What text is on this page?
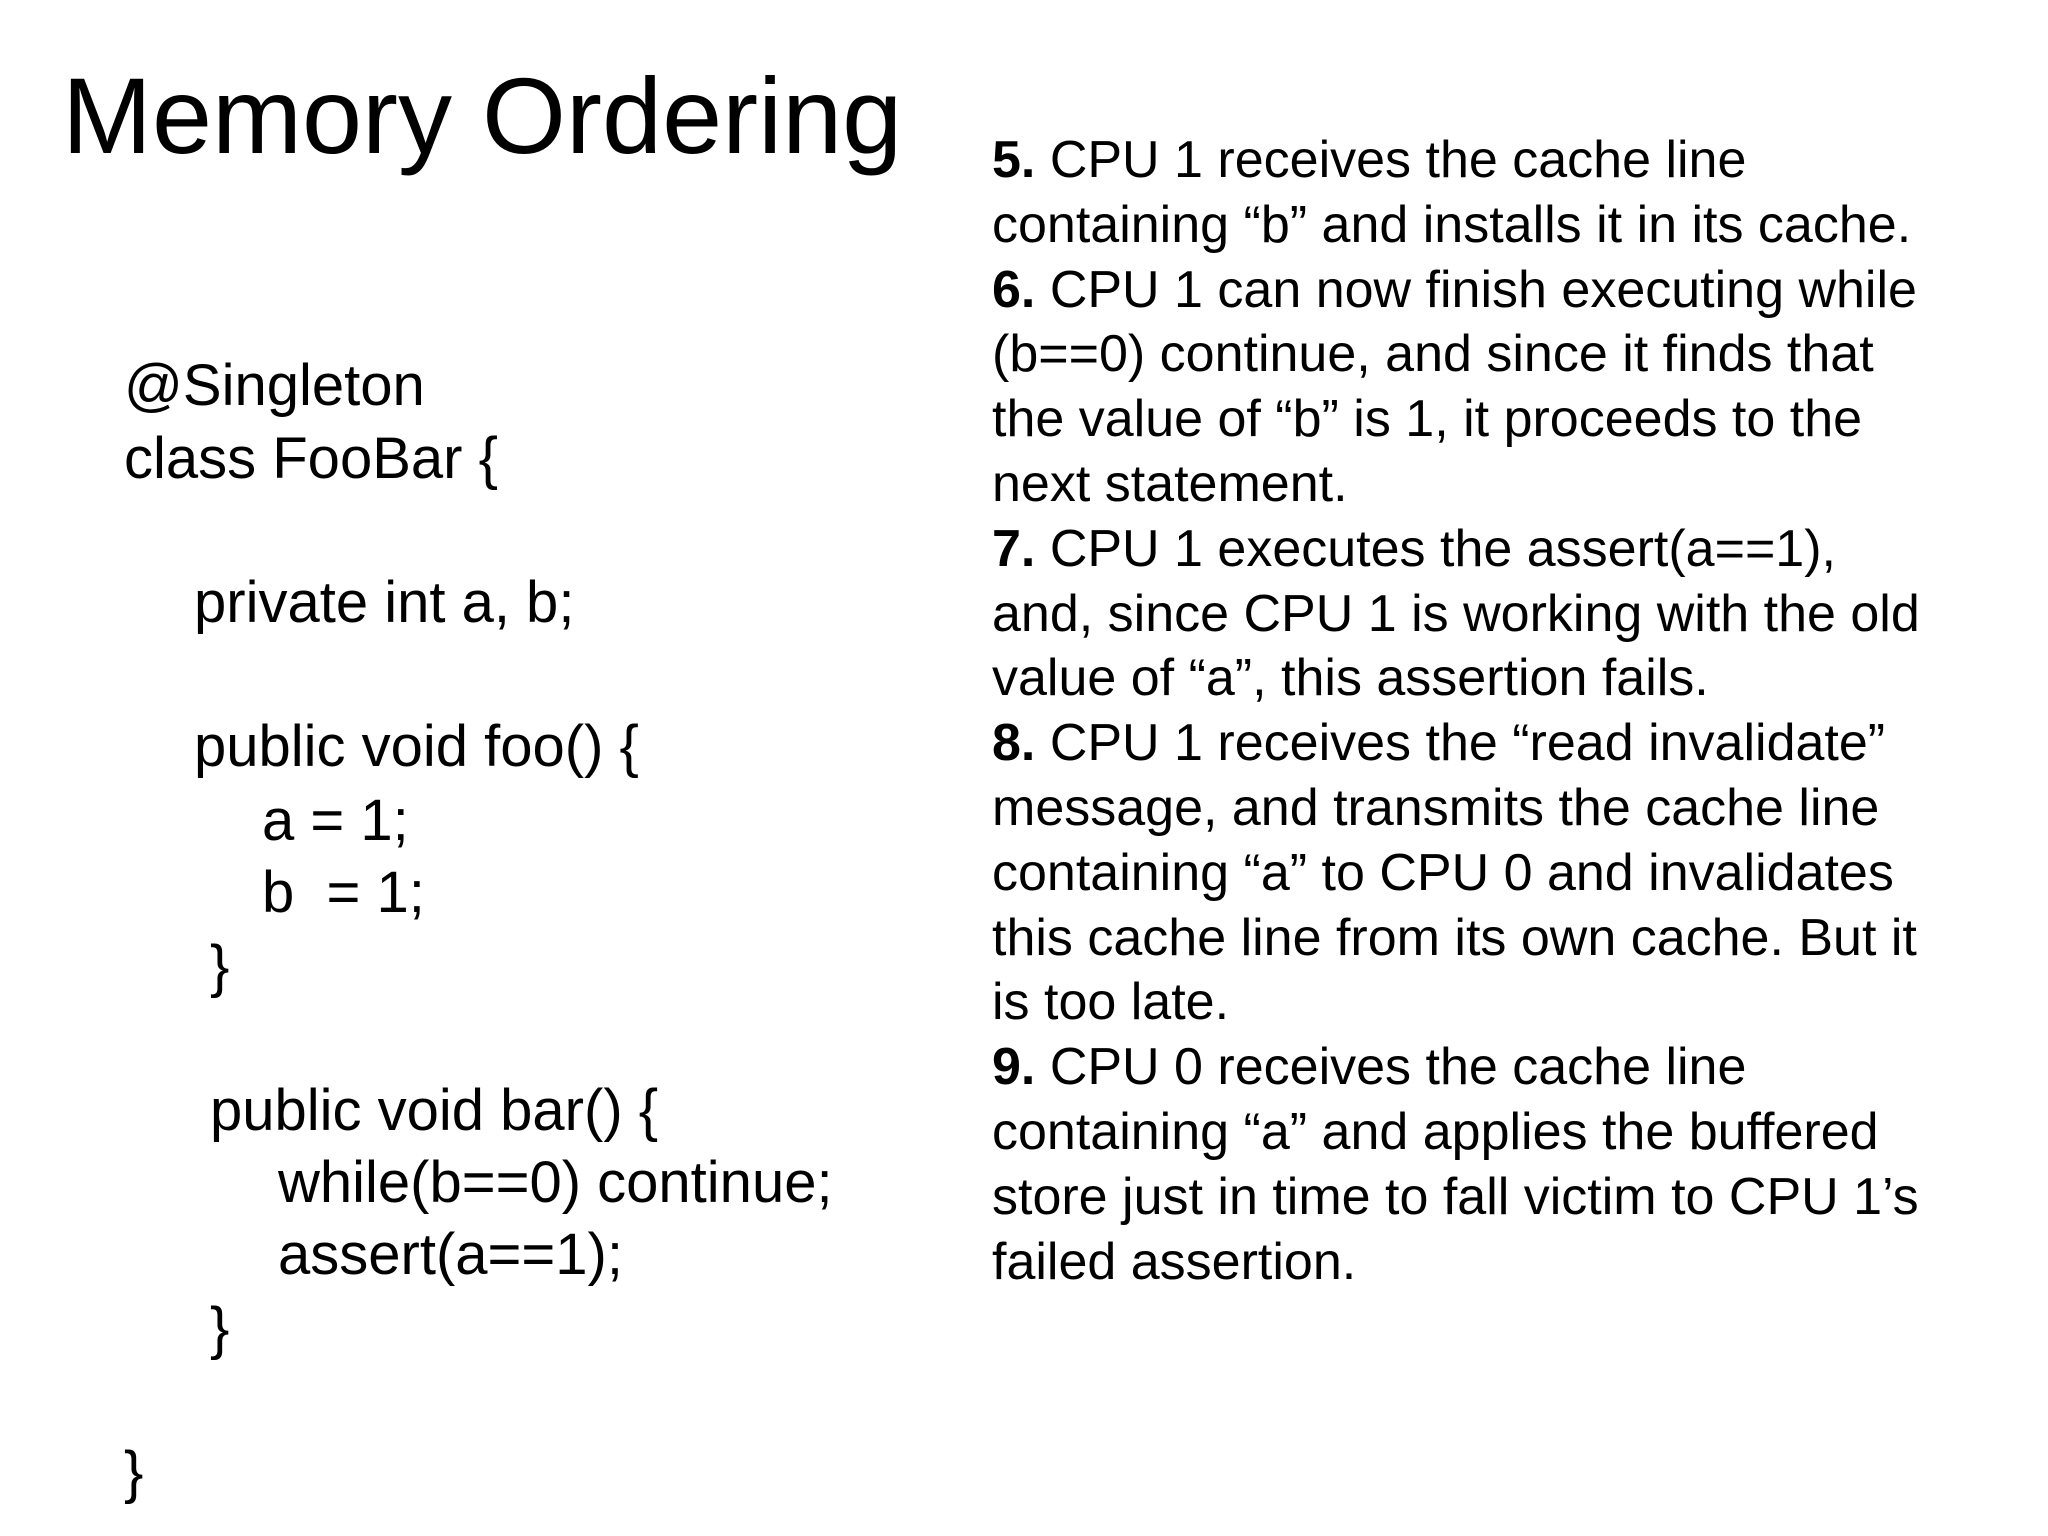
Memory Ordering
@Singleton
class FooBar {
private int a, b;
public void foo() {
a = 1;
b  = 1;
}
public void bar() {
while(b==0) continue;
assert(a==1);
}
}
5. CPU 1 receives the cache line
containing “b” and installs it in its cache.
6. CPU 1 can now finish executing while
(b==0) continue, and since it finds that
the value of “b” is 1, it proceeds to the
next statement.
7. CPU 1 executes the assert(a==1),
and, since CPU 1 is working with the old
value of “a”, this assertion fails.
8. CPU 1 receives the “read invalidate”
message, and transmits the cache line
containing “a” to CPU 0 and invalidates
this cache line from its own cache. But it
is too late.
9. CPU 0 receives the cache line
containing “a” and applies the buffered
store just in time to fall victim to CPU 1’s
failed assertion.
